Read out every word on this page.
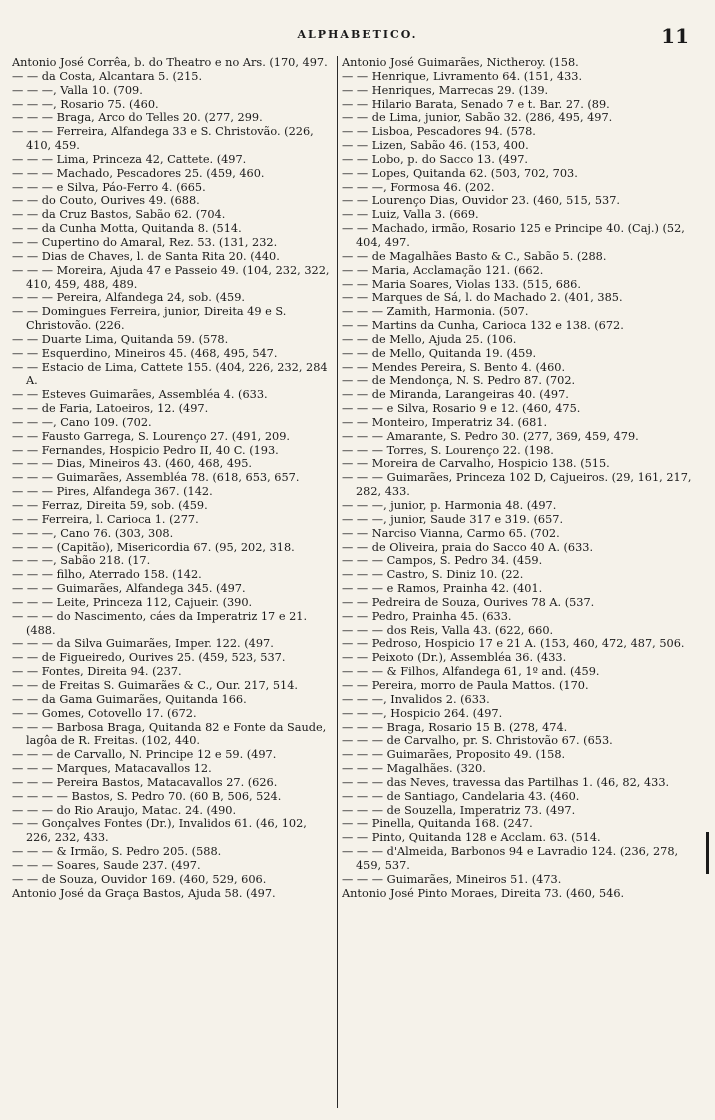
ALPHABETICO.	11

Antonio José Corrêa, b. do Theatro e no Ars. (170, 497.

— — da Costa, Alcantara 5. (215.

— — —, Valla 10. (709.

— — —, Rosario 75. (460.

— — — Braga, Arco do Telles 20. (277, 299.

— — — Ferreira, Alfandega 33 e S. Christovão. (226, 410, 459.

— — — Lima, Princeza 42, Cattete. (497.

— — — Machado, Pescadores 25. (459, 460.

— — — e Silva, Páo-Ferro 4. (665.

— — do Couto, Ourives 49. (688.

— — da Cruz Bastos, Sabão 62. (704.

— — da Cunha Motta, Quitanda 8. (514.

— — Cupertino do Amaral, Rez. 53. (131, 232.

— — Dias de Chaves, l. de Santa Rita 20. (440.

— — — Moreira, Ajuda 47 e Passeio 49. (104, 232, 322, 410, 459, 488, 489.

— — — Pereira, Alfandega 24, sob. (459.

— — Domingues Ferreira, junior, Direita 49 e S. Christovão. (226.

— — Duarte Lima, Quitanda 59. (578.

— — Esquerdino, Mineiros 45. (468, 495, 547.

— — Estacio de Lima, Cattete 155. (404, 226, 232, 284 A.

— — Esteves Guimarães, Assembléa 4. (633.

— — de Faria, Latoeiros, 12. (497.

— — —, Cano 109. (702.

— — Fausto Garrega, S. Lourenço 27. (491, 209.

— — Fernandes, Hospicio Pedro II, 40 C. (193.

— — — Dias, Mineiros 43. (460, 468, 495.

— — — Guimarães, Assembléa 78. (618, 653, 657.

— — — Pires, Alfandega 367. (142.

— — Ferraz, Direita 59, sob. (459.

— — Ferreira, l. Carioca 1. (277.

— — —, Cano 76. (303, 308.

— — — (Capitão), Misericordia 67. (95, 202, 318.

— — —, Sabão 218. (17.

— — — filho, Aterrado 158. (142.

— — — Guimarães, Alfandega 345. (497.

— — — Leite, Princeza 112, Cajueir. (390.

— — — do Nascimento, cáes da Imperatriz 17 e 21. (488.

— — — da Silva Guimarães, Imper. 122. (497.

— — de Figueiredo, Ourives 25. (459, 523, 537.

— — Fontes, Direita 94. (237.

— — de Freitas S. Guimarães & C., Our. 217, 514.

— — da Gama Guimarães, Quitanda 166.

— — Gomes, Cotovello 17. (672.

— — — Barbosa Braga, Quitanda 82 e Fonte da Saude, lagôa de R. Freitas. (102, 440.

— — — de Carvallo, N. Principe 12 e 59. (497.

— — — Marques, Matacavallos 12.

— — — Pereira Bastos, Matacavallos 27. (626.

— — — — Bastos, S. Pedro 70. (60 B, 506, 524.

— — — do Rio Araujo, Matac. 24. (490.

— — Gonçalves Fontes (Dr.), Invalidos 61. (46, 102, 226, 232, 433.

— — — & Irmão, S. Pedro 205. (588.

— — — Soares, Saude 237. (497.

— — de Souza, Ouvidor 169. (460, 529, 606.

Antonio José da Graça Bastos, Ajuda 58. (497.

Antonio José Guimarães, Nictheroy. (158.

— — Henrique, Livramento 64. (151, 433.

— — Henriques, Marrecas 29. (139.

— — Hilario Barata, Senado 7 e t. Bar. 27. (89.

— — de Lima, junior, Sabão 32. (286, 495, 497.

— — Lisboa, Pescadores 94. (578.

— — Lizen, Sabão 46. (153, 400.

— — Lobo, p. do Sacco 13. (497.

— — Lopes, Quitanda 62. (503, 702, 703.

— — —, Formosa 46. (202.

— — Lourenço Dias, Ouvidor 23. (460, 515, 537.

— — Luiz, Valla 3. (669.

— — Machado, irmão, Rosario 125 e Principe 40. (Caj.) (52, 404, 497.

— — de Magalhães Basto & C., Sabão 5. (288.

— — Maria, Acclamação 121. (662.

— — Maria Soares, Violas 133. (515, 686.

— — Marques de Sá, l. do Machado 2. (401, 385.

— — — Zamith, Harmonia. (507.

— — Martins da Cunha, Carioca 132 e 138. (672.

— — de Mello, Ajuda 25. (106.

— — de Mello, Quitanda 19. (459.

— — Mendes Pereira, S. Bento 4. (460.

— — de Mendonça, N. S. Pedro 87. (702.

— — de Miranda, Larangeiras 40. (497.

— — — e Silva, Rosario 9 e 12. (460, 475.

— — Monteiro, Imperatriz 34. (681.

— — — Amarante, S. Pedro 30. (277, 369, 459, 479.

— — — Torres, S. Lourenço 22. (198.

— — Moreira de Carvalho, Hospicio 138. (515.

— — — Guimarães, Princeza 102 D, Cajueiros. (29, 161, 217, 282, 433.

— — —, junior, p. Harmonia 48. (497.

— — —, junior, Saude 317 e 319. (657.

— — Narciso Vianna, Carmo 65. (702.

— — de Oliveira, praia do Sacco 40 A. (633.

— — — Campos, S. Pedro 34. (459.

— — — Castro, S. Diniz 10. (22.

— — — e Ramos, Prainha 42. (401.

— — Pedreira de Souza, Ourives 78 A. (537.

— — Pedro, Prainha 45. (633.

— — — dos Reis, Valla 43. (622, 660.

— — Pedroso, Hospicio 17 e 21 A. (153, 460, 472, 487, 506.

— — Peixoto (Dr.), Assembléa 36. (433.

— — — & Filhos, Alfandega 61, 1º and. (459.

— — Pereira, morro de Paula Mattos. (170.

— — —, Invalidos 2. (633.

— — —, Hospicio 264. (497.

— — — Braga, Rosario 15 B. (278, 474.

— — — de Carvalho, pr. S. Christovão 67. (653.

— — — Guimarães, Proposito 49. (158.

— — — Magalhães. (320.

— — — das Neves, travessa das Partilhas 1. (46, 82, 433.

— — — de Santiago, Candelaria 43. (460.

— — — de Souzella, Imperatriz 73. (497.

— — Pinella, Quitanda 168. (247.

— — Pinto, Quitanda 128 e Acclam. 63. (514.

— — — d'Almeida, Barbonos 94 e Lavradio 124. (236, 278, 459, 537.

— — — Guimarães, Mineiros 51. (473.

Antonio José Pinto Moraes, Direita 73. (460, 546.
